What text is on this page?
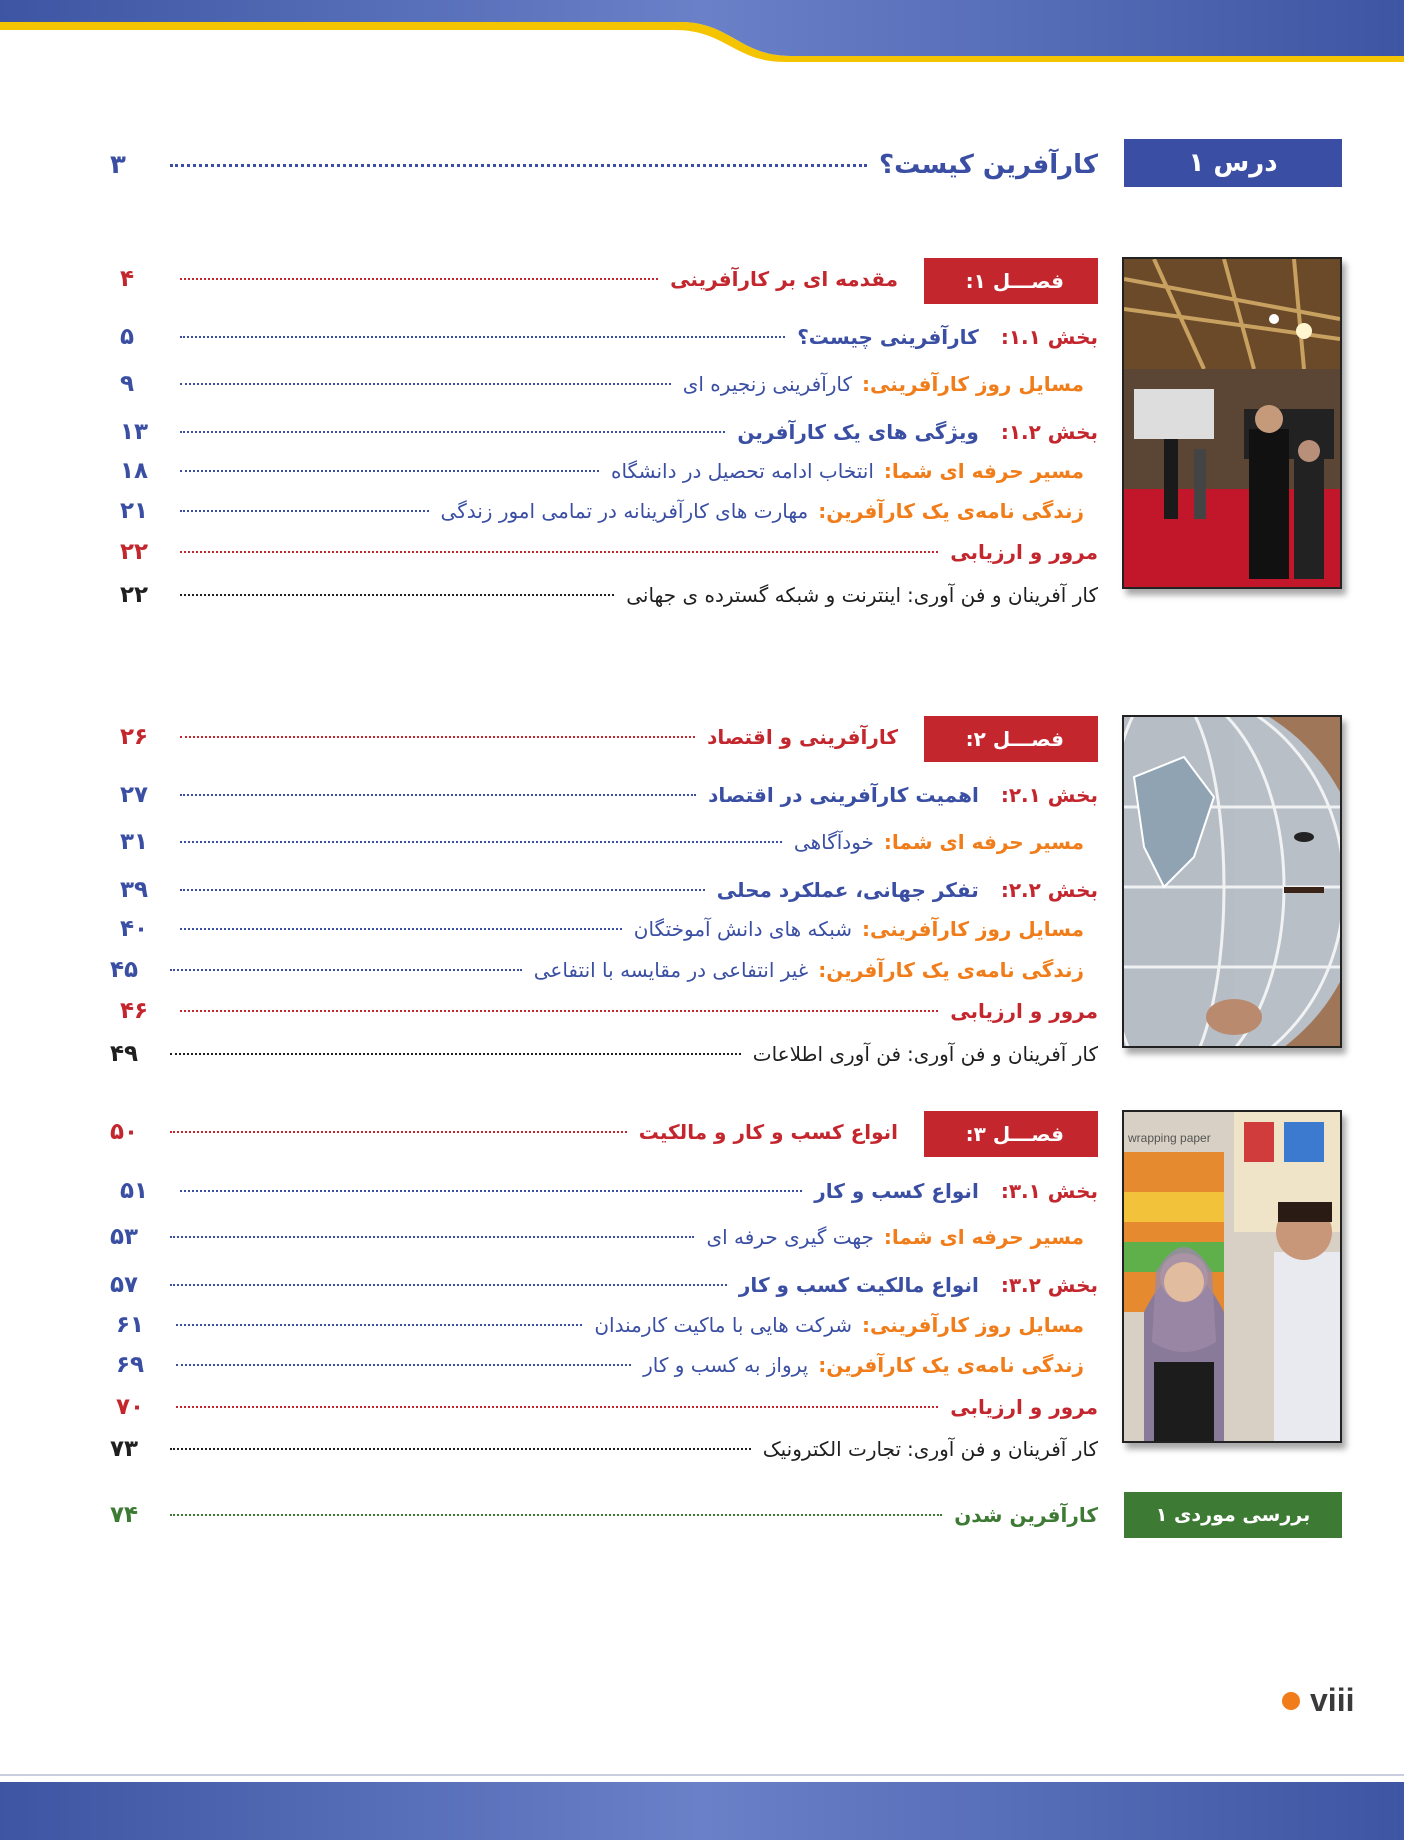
درس ۱
۳	کارآفرین کیست؟
فصـــل ۱:
۴	مقدمه ای بر کارآفرینی
۵	بخش ۱.۱:
کارآفرینی چیست؟
۹	مسایل روز کارآفرینی:
کارآفرینی زنجیره ای
۱۳	بخش ۱.۲:
ویژگی های یک کارآفرین
۱۸	مسیر حرفه ای شما:
انتخاب ادامه تحصیل در دانشگاه
۲۱	زندگی نامه‌ی یک کارآفرین:
مهارت های کارآفرینانه در تمامی امور زندگی
۲۲	مرور و ارزیابی
۲۲	کار آفرینان و فن آوری:
اینترنت و شبکه گسترده ی جهانی
فصـــل ۲:
۲۶	کارآفرینی و اقتصاد
۲۷	بخش ۲.۱:
اهمیت کارآفرینی در اقتصاد
۳۱	مسیر حرفه ای شما:
خودآگاهی
۳۹	بخش ۲.۲:
تفکر جهانی، عملکرد محلی
۴۰	مسایل روز کارآفرینی:
شبکه های دانش آموختگان
۴۵	زندگی نامه‌ی یک کارآفرین:
غیر انتفاعی در مقایسه با انتفاعی
۴۶	مرور و ارزیابی
۴۹	کار آفرینان و فن آوری:
فن آوری اطلاعات
فصـــل ۳:
۵۰	انواع کسب و کار و مالکیت
۵۱	بخش ۳.۱:
انواع کسب و کار
۵۳	مسیر حرفه ای شما:
جهت گیری حرفه ای
۵۷	بخش ۳.۲:
انواع مالکیت کسب و کار
۶۱	مسایل روز کارآفرینی:
شرکت هایی با ماکیت کارمندان
۶۹	زندگی نامه‌ی یک کارآفرین:
پرواز به کسب و کار
۷۰	مرور و ارزیابی
۷۳	کار آفرینان و فن آوری:
تجارت الکترونیک
wrapping paper
بررسی موردی ۱
۷۴	کارآفرین شدن
viii
